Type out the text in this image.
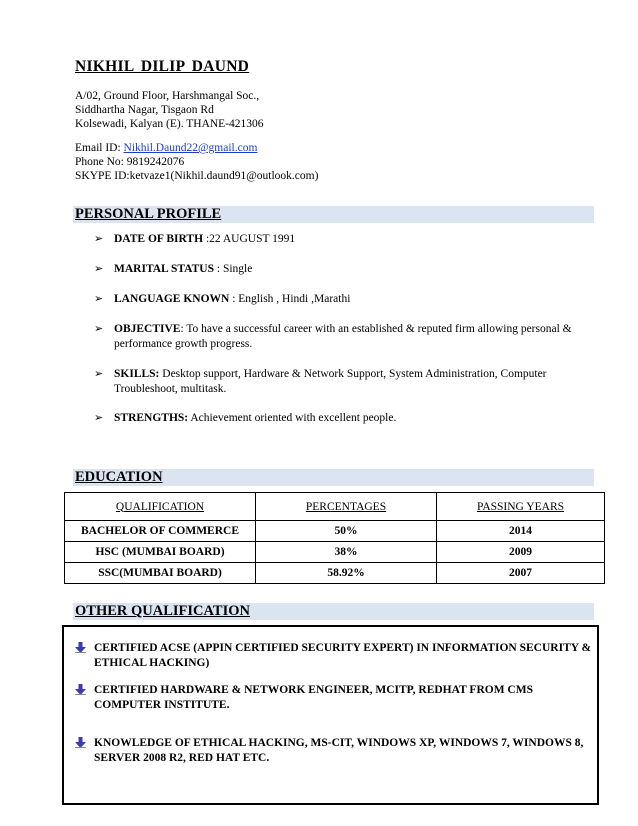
NIKHIL DILIP DAUND
A/02, Ground Floor, Harshmangal Soc.,
Siddhartha Nagar, Tisgaon Rd
Kolsewadi, Kalyan (E). THANE-421306
Email ID: Nikhil.Daund22@gmail.com
Phone No: 9819242076
SKYPE ID:ketvaze1(Nikhil.daund91@outlook.com)
PERSONAL PROFILE
➢ DATE OF BIRTH :22 AUGUST 1991
➢ MARITAL STATUS : Single
➢ LANGUAGE KNOWN : English , Hindi ,Marathi
➢ OBJECTIVE: To have a successful career with an established & reputed firm allowing personal & performance growth progress.
➢ SKILLS: Desktop support, Hardware & Network Support, System Administration, Computer Troubleshoot, multitask.
➢ STRENGTHS: Achievement oriented with excellent people.
EDUCATION
QUALIFICATION	PERCENTAGES	PASSING YEARS
BACHELOR OF COMMERCE	50%	2014
HSC (MUMBAI BOARD)	38%	2009
SSC(MUMBAI BOARD)	58.92%	2007
OTHER QUALIFICATION
CERTIFIED ACSE (APPIN CERTIFIED SECURITY EXPERT) IN INFORMATION SECURITY & ETHICAL HACKING)
CERTIFIED HARDWARE & NETWORK ENGINEER, MCITP, REDHAT FROM CMS COMPUTER INSTITUTE.
KNOWLEDGE OF ETHICAL HACKING, MS-CIT, WINDOWS XP, WINDOWS 7, WINDOWS 8, SERVER 2008 R2, RED HAT ETC.
